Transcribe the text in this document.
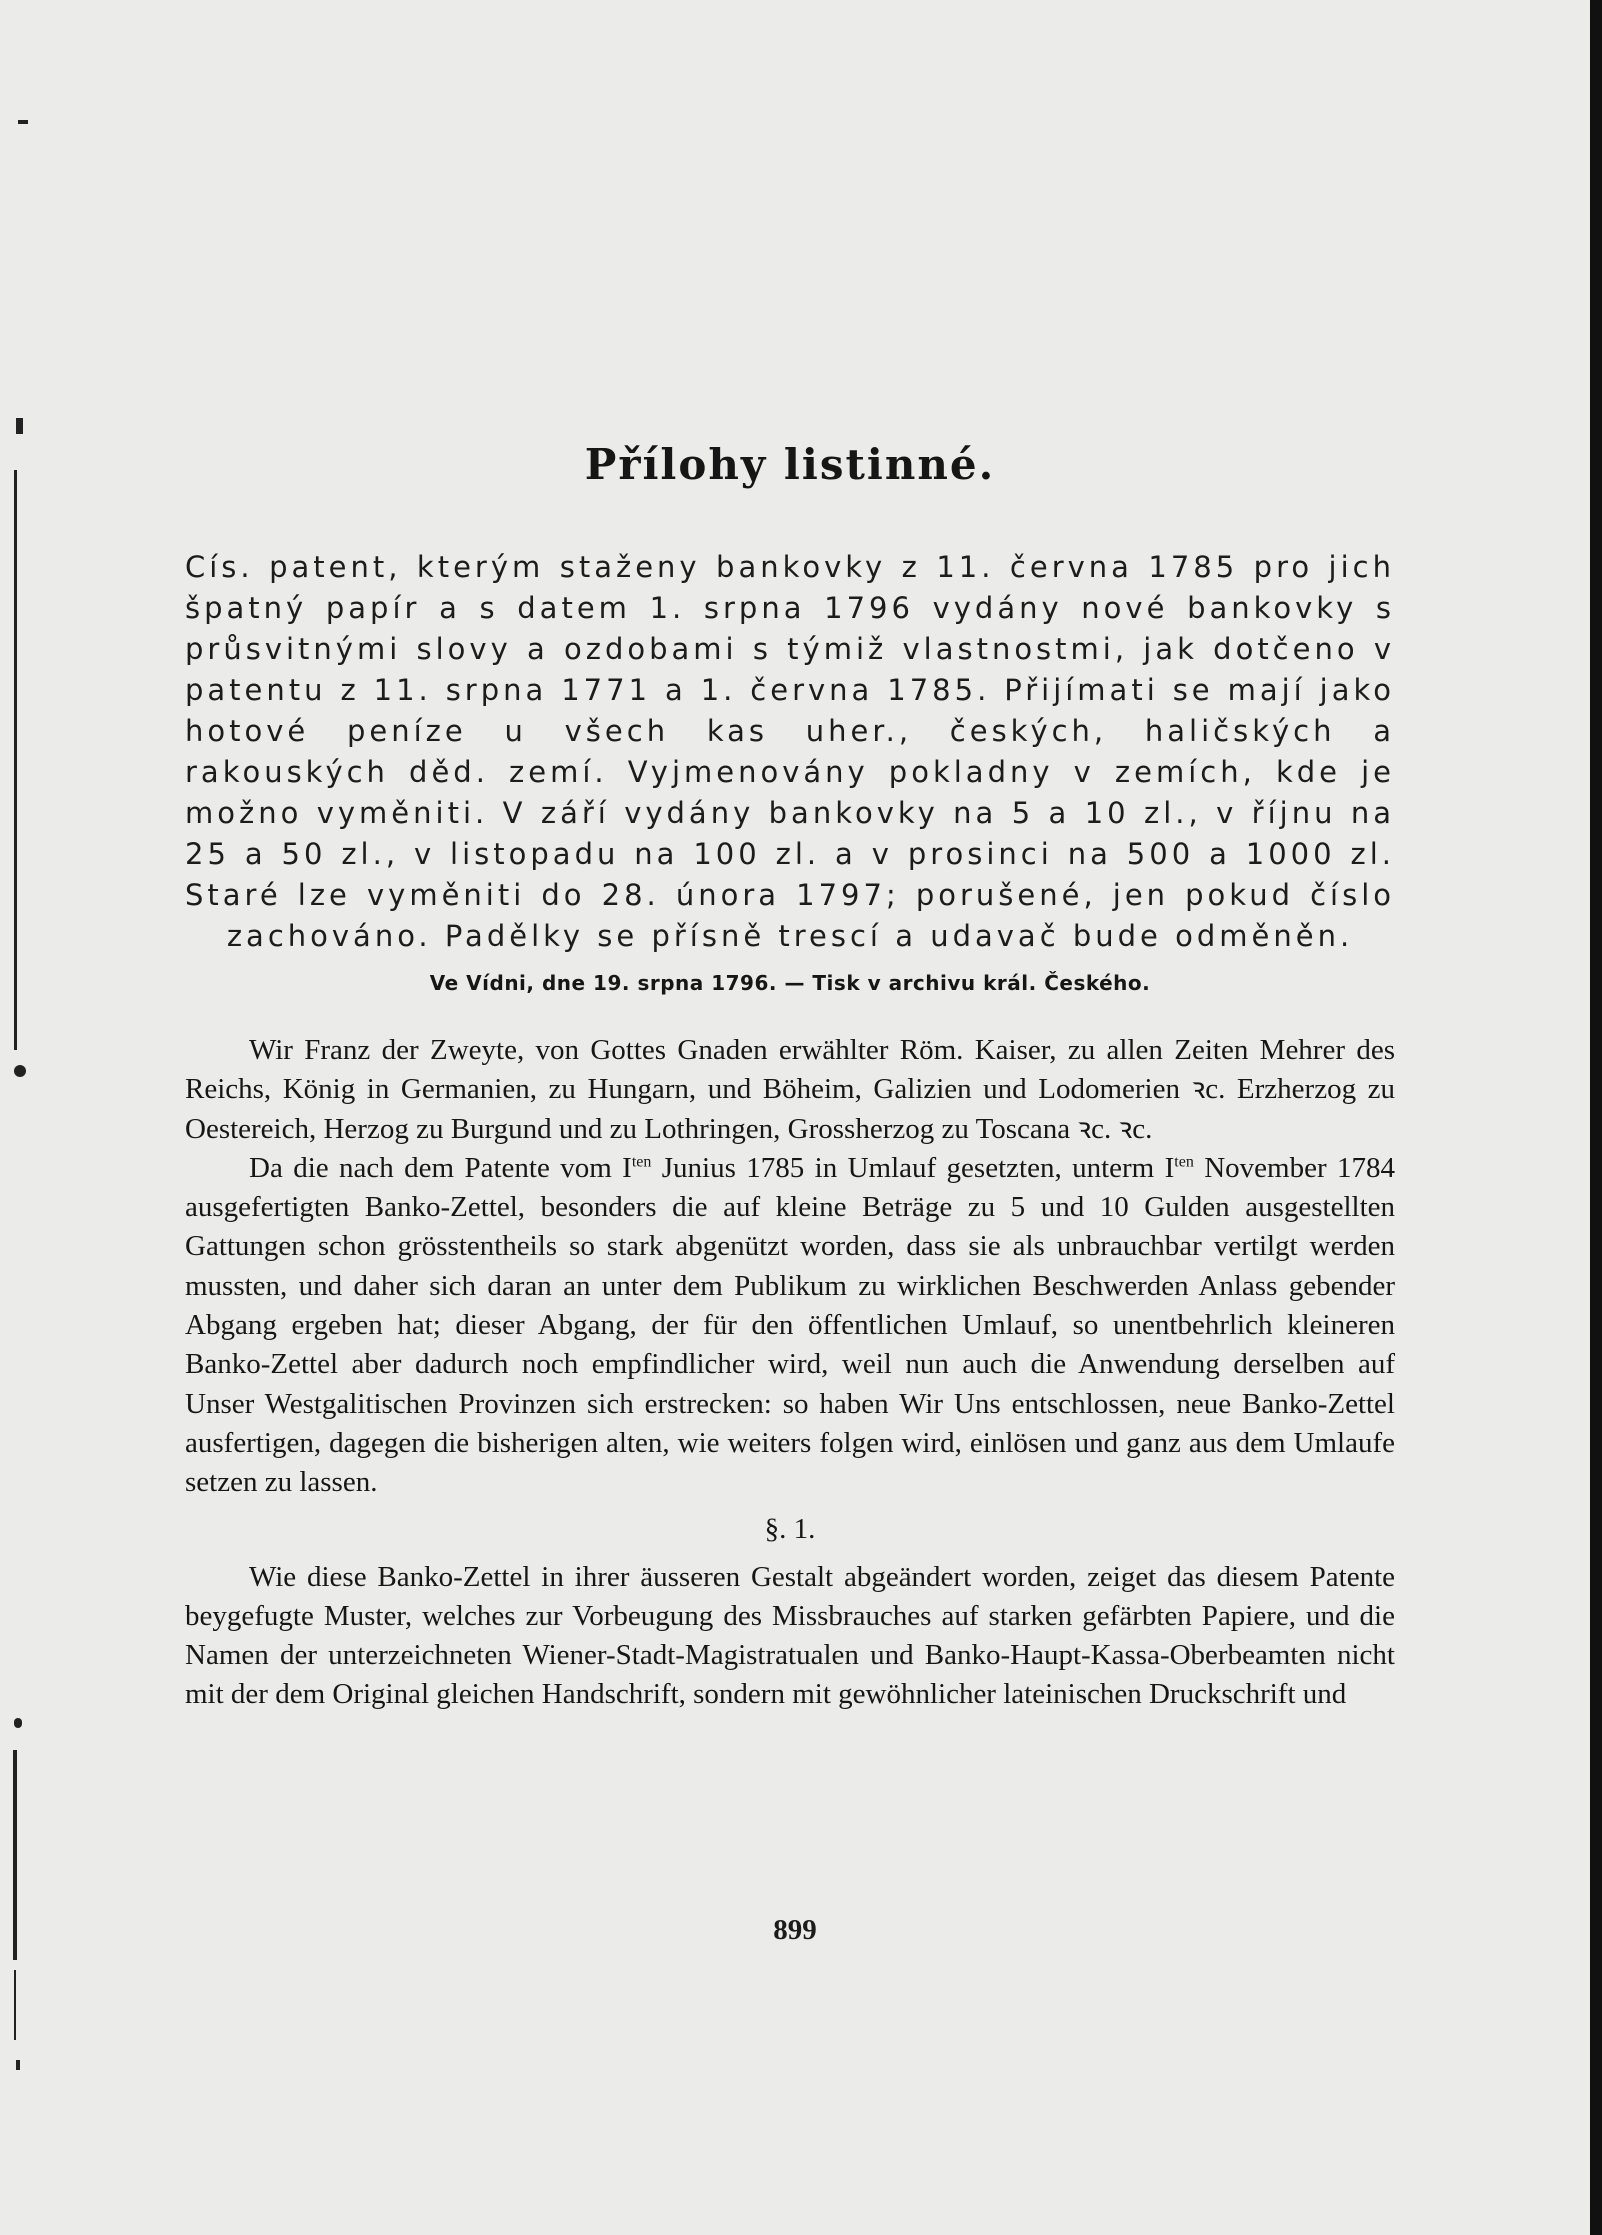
Přílohy listinné.

Cís. patent, kterým staženy bankovky z 11. června 1785 pro jich špatný papír a s datem 1. srpna 1796 vydány nové bankovky s průsvitnými slovy a ozdobami s týmiž vlastnostmi, jak dotčeno v patentu z 11. srpna 1771 a 1. června 1785. Přijímati se mají jako hotové peníze u všech kas uher., českých, haličských a rakouských děd. zemí. Vyjmenovány pokladny v zemích, kde je možno vyměniti. V září vydány bankovky na 5 a 10 zl., v říjnu na 25 a 50 zl., v listopadu na 100 zl. a v prosinci na 500 a 1000 zl. Staré lze vyměniti do 28. února 1797; porušené, jen pokud číslo zachováno. Padělky se přísně trescí a udavač bude odměněn.

Ve Vídni, dne 19. srpna 1796. — Tisk v archivu král. Českého.

Wir Franz der Zweyte, von Gottes Gnaden erwählter Röm. Kaiser, zu allen Zeiten Mehrer des Reichs, König in Germanien, zu Hungarn, und Böheim, Galizien und Lodomerien ꝛc. Erzherzog zu Oestereich, Herzog zu Burgund und zu Lothringen, Grossherzog zu Toscana ꝛc. ꝛc.

Da die nach dem Patente vom $I^{ten}$ Junius 1785 in Umlauf gesetzten, unterm $I^{ten}$ November 1784 ausgefertigten Banko-Zettel, besonders die auf kleine Beträge zu 5 und 10 Gulden ausgestellten Gattungen schon grösstentheils so stark abgenützt worden, dass sie als unbrauchbar vertilgt werden mussten, und daher sich daran an unter dem Publikum zu wirklichen Beschwerden Anlass gebender Abgang ergeben hat; dieser Abgang, der für den öffentlichen Umlauf, so unentbehrlich kleineren Banko-Zettel aber dadurch noch empfindlicher wird, weil nun auch die Anwendung derselben auf Unser Westgalitischen Provinzen sich erstrecken: so haben Wir Uns entschlossen, neue Banko-Zettel ausfertigen, dagegen die bisherigen alten, wie weiters folgen wird, einlösen und ganz aus dem Umlaufe setzen zu lassen.

§. 1.

Wie diese Banko-Zettel in ihrer äusseren Gestalt abgeändert worden, zeiget das diesem Patente beygefugte Muster, welches zur Vorbeugung des Missbrauches auf starken gefärbten Papiere, und die Namen der unterzeichneten Wiener-Stadt-Magistratualen und Banko-Haupt-Kassa-Oberbeamten nicht mit der dem Original gleichen Handschrift, sondern mit gewöhnlicher lateinischen Druckschrift und

899
